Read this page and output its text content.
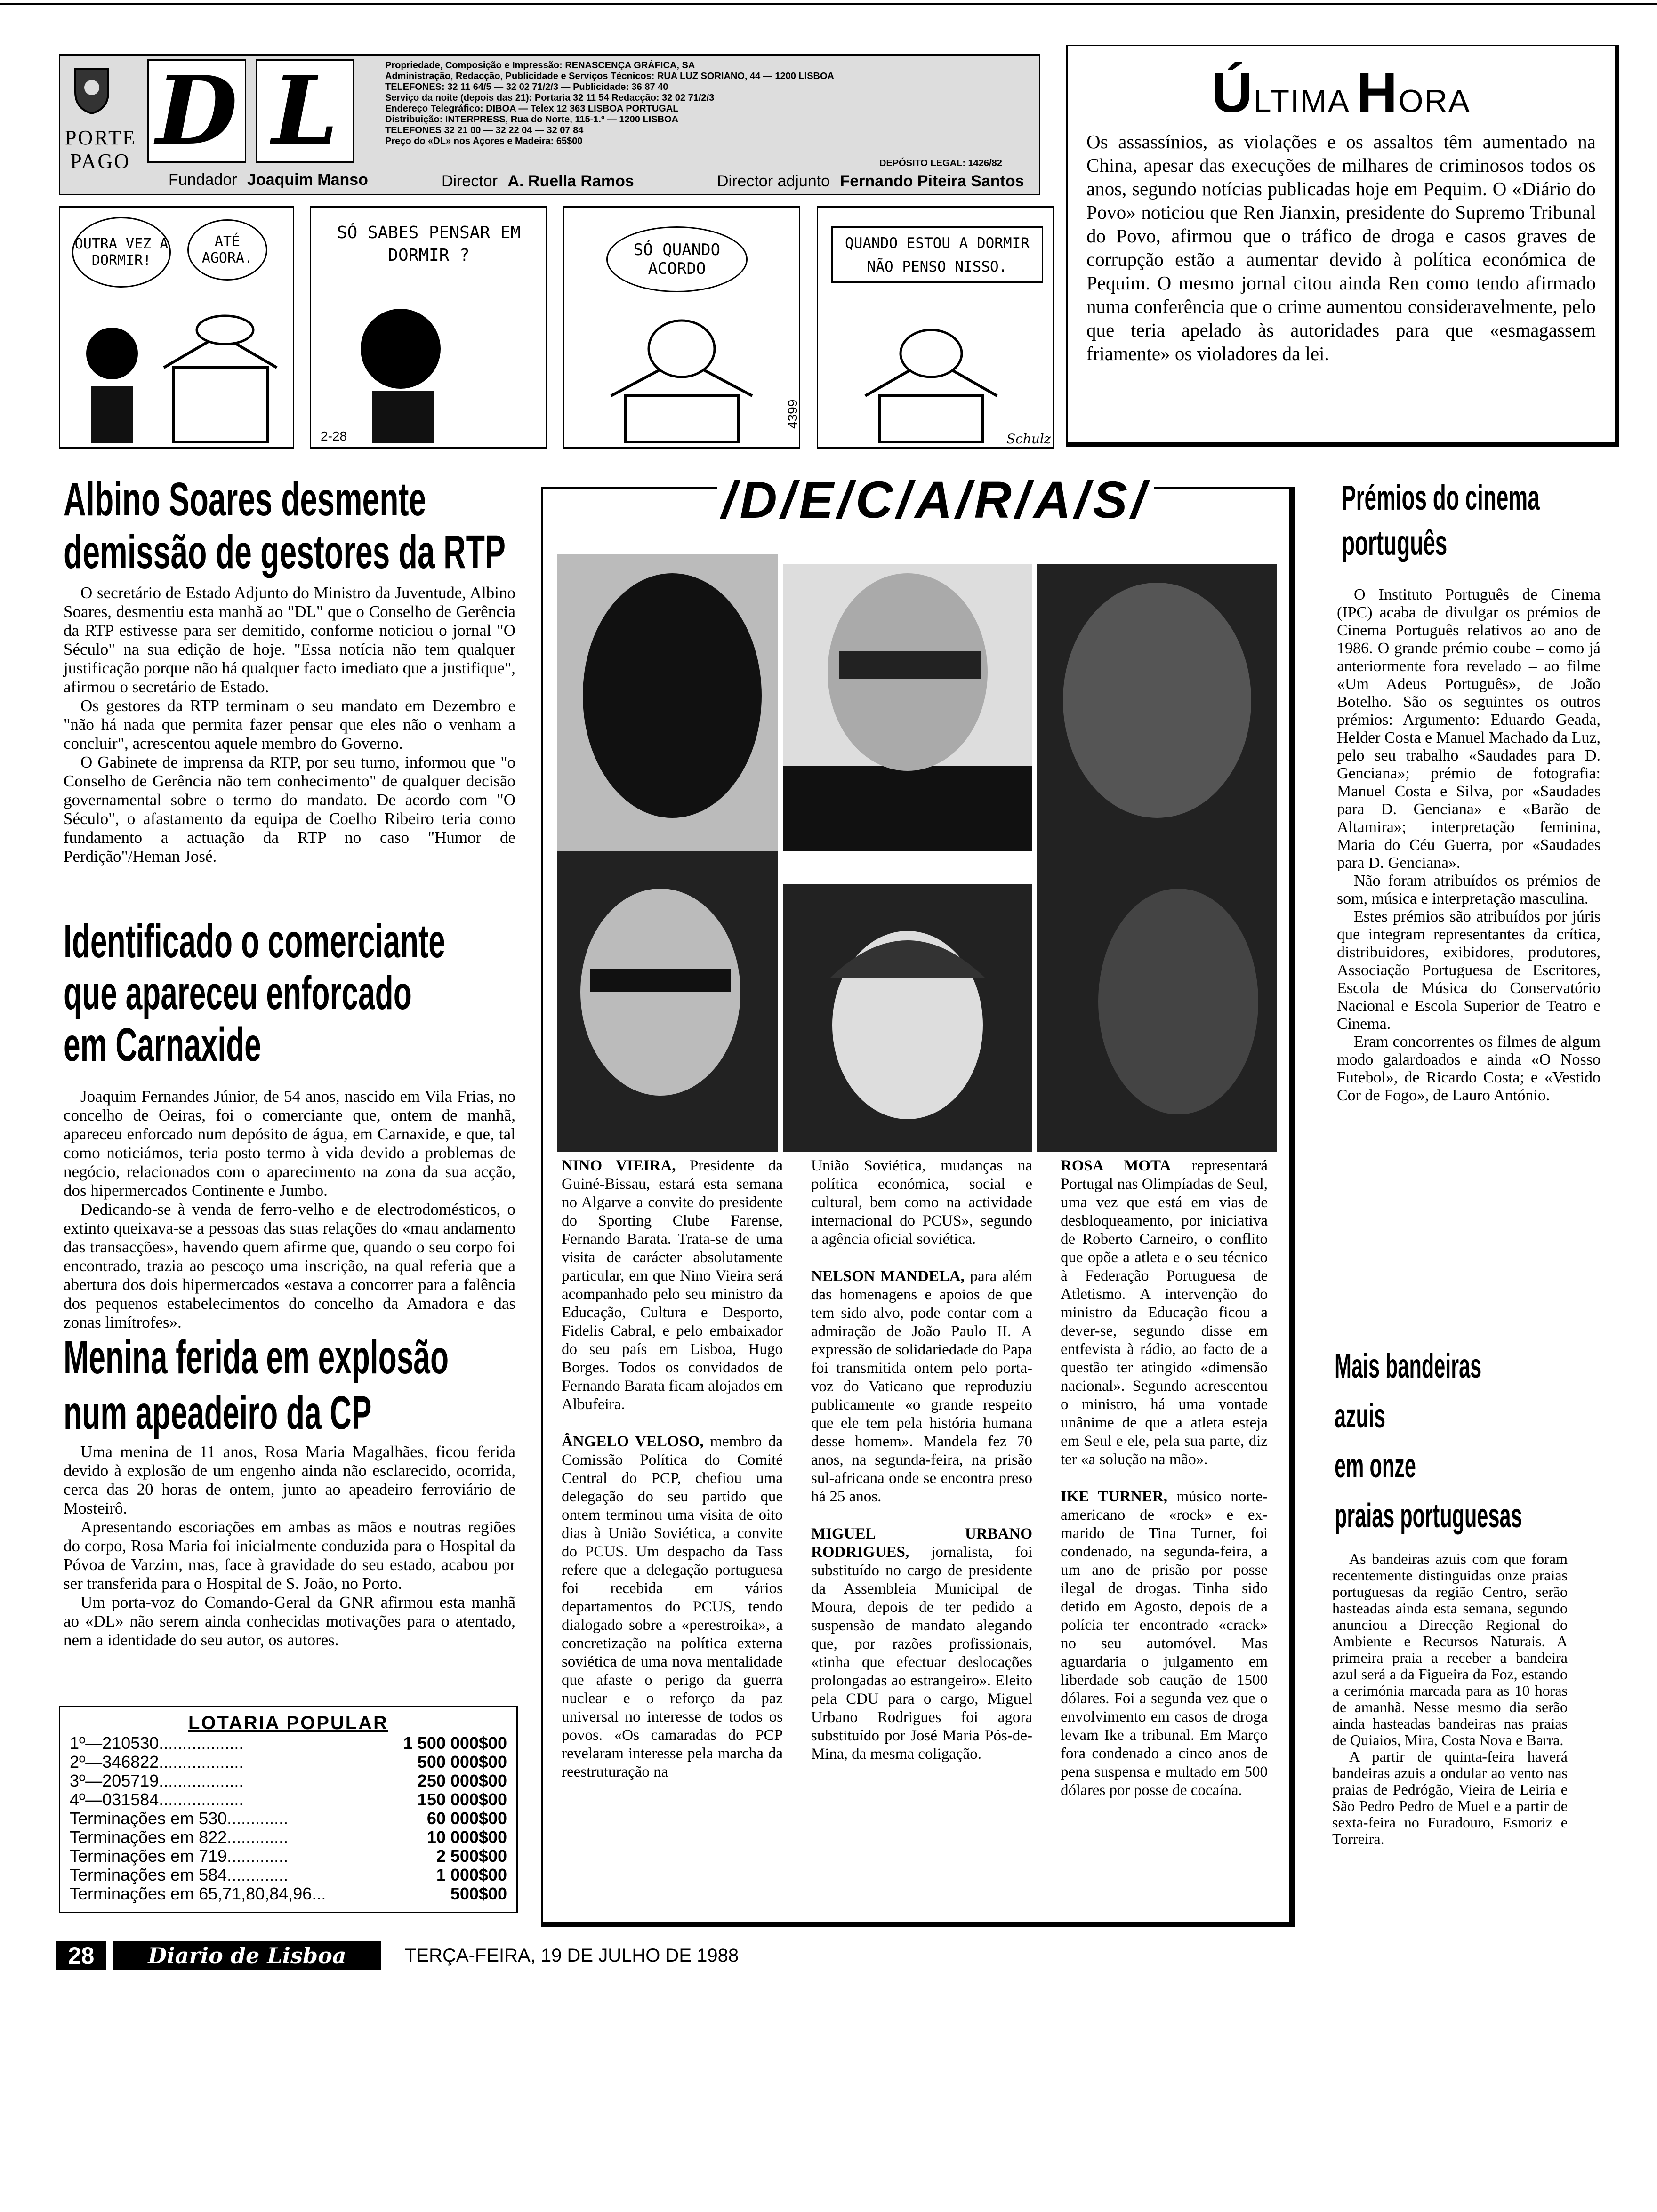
PORTE PAGO D L	Propriedade, Composição e Impressão: RENASCENÇA GRÁFICA, SA
Administração, Redacção, Publicidade e Serviços Técnicos: RUA LUZ SORIANO, 44 — 1200 LISBOA
TELEFONES: 32 11 64/5 — 32 02 71/2/3 — Publicidade: 36 87 40
Serviço da noite (depois das 21): Portaria 32 11 54 Redacção: 32 02 71/2/3
Endereço Telegráfico: DIBOA — Telex 12 363 LISBOA PORTUGAL
Distribuição: INTERPRESS, Rua do Norte, 115-1.º — 1200 LISBOA
TELEFONES 32 21 00 — 32 22 04 — 32 07 84
Preço do «DL» nos Açores e Madeira: 65$00
DEPÓSITO LEGAL: 1426/82
Fundador Joaquim Manso	Director A. Ruella Ramos	Director adjunto Fernando Piteira Santos
ÚLTIMA HORA
Os assassínios, as violações e os assaltos têm aumentado na China, apesar das execuções de milhares de criminosos todos os anos, segundo notícias publicadas hoje em Pequim. O «Diário do Povo» noticiou que Ren Jianxin, presidente do Supremo Tribunal do Povo, afirmou que o tráfico de droga e casos graves de corrupção estão a aumentar devido à política económica de Pequim. O mesmo jornal citou ainda Ren como tendo afirmado numa conferência que o crime aumentou consideravelmente, pelo que teria apelado às autoridades para que «esmagassem friamente» os violadores da lei.
OUTRA VEZ A DORMIR!
ATÉ AGORA.
SÓ SABES PENSAR EM DORMIR ?
2-28
SÓ QUANDO ACORDO
4399
QUANDO ESTOU A DORMIR NÃO PENSO NISSO.
Schulz
Albino Soares desmente
demissão de gestores da RTP

O secretário de Estado Adjunto do Ministro da Juventude, Albino Soares, desmentiu esta manhã ao "DL" que o Conselho de Gerência da RTP estivesse para ser demitido, conforme noticiou o jornal "O Século" na sua edição de hoje. "Essa notícia não tem qualquer justificação porque não há qualquer facto imediato que a justifique", afirmou o secretário de Estado.

Os gestores da RTP terminam o seu mandato em Dezembro e "não há nada que permita fazer pensar que eles não o venham a concluir", acrescentou aquele membro do Governo.

O Gabinete de imprensa da RTP, por seu turno, informou que "o Conselho de Gerência não tem conhecimento" de qualquer decisão governamental sobre o termo do mandato. De acordo com "O Século", o afastamento da equipa de Coelho Ribeiro teria como fundamento a actuação da RTP no caso "Humor de Perdição"/Heman José.

Identificado o comerciante
que apareceu enforcado
em Carnaxide

Joaquim Fernandes Júnior, de 54 anos, nascido em Vila Frias, no concelho de Oeiras, foi o comerciante que, ontem de manhã, apareceu enforcado num depósito de água, em Carnaxide, e que, tal como noticiámos, teria posto termo à vida devido a problemas de negócio, relacionados com o aparecimento na zona da sua acção, dos hipermercados Continente e Jumbo.

Dedicando-se à venda de ferro-velho e de electrodomésticos, o extinto queixava-se a pessoas das suas relações do «mau andamento das transacções», havendo quem afirme que, quando o seu corpo foi encontrado, trazia ao pescoço uma inscrição, na qual referia que a abertura dos dois hipermercados «estava a concorrer para a falência dos pequenos estabelecimentos do concelho da Amadora e das zonas limítrofes».

Menina ferida em explosão
num apeadeiro da CP

Uma menina de 11 anos, Rosa Maria Magalhães, ficou ferida devido à explosão de um engenho ainda não esclarecido, ocorrida, cerca das 20 horas de ontem, junto ao apeadeiro ferroviário de Mosteirô.

Apresentando escoriações em ambas as mãos e noutras regiões do corpo, Rosa Maria foi inicialmente conduzida para o Hospital da Póvoa de Varzim, mas, face à gravidade do seu estado, acabou por ser transferida para o Hospital de S. João, no Porto.

Um porta-voz do Comando-Geral da GNR afirmou esta manhã ao «DL» não serem ainda conhecidas motivações para o atentado, nem a identidade do seu autor, os autores.

LOTARIA POPULAR
1º—210530..................	1 500 000$00
2º—346822..................	500 000$00
3º—205719..................	250 000$00
4º—031584..................	150 000$00
Terminações em 530.............	60 000$00
Terminações em 822.............	10 000$00
Terminações em 719.............	2 500$00
Terminações em 584.............	1 000$00
Terminações em 65,71,80,84,96...	500$00
/D/E/C/A/R/A/S/

NINO VIEIRA, Presidente da Guiné-Bissau, estará esta semana no Algarve a convite do presidente do Sporting Clube Farense, Fernando Barata. Trata-se de uma visita de carácter absolutamente particular, em que Nino Vieira será acompanhado pelo seu ministro da Educação, Cultura e Desporto, Fidelis Cabral, e pelo embaixador do seu país em Lisboa, Hugo Borges. Todos os convidados de Fernando Barata ficam alojados em Albufeira.

ÂNGELO VELOSO, membro da Comissão Política do Comité Central do PCP, chefiou uma delegação do seu partido que ontem terminou uma visita de oito dias à União Soviética, a convite do PCUS. Um despacho da Tass refere que a delegação portuguesa foi recebida em vários departamentos do PCUS, tendo dialogado sobre a «perestroika», a concretização na política externa soviética de uma nova mentalidade que afaste o perigo da guerra nuclear e o reforço da paz universal no interesse de todos os povos. «Os camaradas do PCP revelaram interesse pela marcha da reestruturação na

União Soviética, mudanças na política económica, social e cultural, bem como na actividade internacional do PCUS», segundo a agência oficial soviética.

NELSON MANDELA, para além das homenagens e apoios de que tem sido alvo, pode contar com a admiração de João Paulo II. A expressão de solidariedade do Papa foi transmitida ontem pelo porta-voz do Vaticano que reproduziu publicamente «o grande respeito que ele tem pela história humana desse homem». Mandela fez 70 anos, na segunda-feira, na prisão sul-africana onde se encontra preso há 25 anos.

MIGUEL URBANO RODRIGUES, jornalista, foi substituído no cargo de presidente da Assembleia Municipal de Moura, depois de ter pedido a suspensão de mandato alegando que, por razões profissionais, «tinha que efectuar deslocações prolongadas ao estrangeiro». Eleito pela CDU para o cargo, Miguel Urbano Rodrigues foi agora substituído por José Maria Pós-de-Mina, da mesma coligação.

ROSA MOTA representará Portugal nas Olimpíadas de Seul, uma vez que está em vias de desbloqueamento, por iniciativa de Roberto Carneiro, o conflito que opõe a atleta e o seu técnico à Federação Portuguesa de Atletismo. A intervenção do ministro da Educação ficou a dever-se, segundo disse em entfevista à rádio, ao facto de a questão ter atingido «dimensão nacional». Segundo acrescentou o ministro, há uma vontade unânime de que a atleta esteja em Seul e ele, pela sua parte, diz ter «a solução na mão».

IKE TURNER, músico norte-americano de «rock» e ex-marido de Tina Turner, foi condenado, na segunda-feira, a um ano de prisão por posse ilegal de drogas. Tinha sido detido em Agosto, depois de a polícia ter encontrado «crack» no seu automóvel. Mas aguardaria o julgamento em liberdade sob caução de 1500 dólares. Foi a segunda vez que o envolvimento em casos de droga levam Ike a tribunal. Em Março fora condenado a cinco anos de pena suspensa e multado em 500 dólares por posse de cocaína.

Prémios do cinema
português

O Instituto Português de Cinema (IPC) acaba de divulgar os prémios de Cinema Português relativos ao ano de 1986. O grande prémio coube – como já anteriormente fora revelado – ao filme «Um Adeus Português», de João Botelho. São os seguintes os outros prémios: Argumento: Eduardo Geada, Helder Costa e Manuel Machado da Luz, pelo seu trabalho «Saudades para D. Genciana»; prémio de fotografia: Manuel Costa e Silva, por «Saudades para D. Genciana» e «Barão de Altamira»; interpretação feminina, Maria do Céu Guerra, por «Saudades para D. Genciana».

Não foram atribuídos os prémios de som, música e interpretação masculina.

Estes prémios são atribuídos por júris que integram representantes da crítica, distribuidores, exibidores, produtores, Associação Portuguesa de Escritores, Escola de Música do Conservatório Nacional e Escola Superior de Teatro e Cinema.

Eram concorrentes os filmes de algum modo galardoados e ainda «O Nosso Futebol», de Ricardo Costa; e «Vestido Cor de Fogo», de Lauro António.

Mais bandeiras
azuis
em onze
praias portuguesas

As bandeiras azuis com que foram recentemente distinguidas onze praias portuguesas da região Centro, serão hasteadas ainda esta semana, segundo anunciou a Direcção Regional do Ambiente e Recursos Naturais. A primeira praia a receber a bandeira azul será a da Figueira da Foz, estando a cerimónia marcada para as 10 horas de amanhã. Nesse mesmo dia serão ainda hasteadas bandeiras nas praias de Quiaios, Mira, Costa Nova e Barra.

A partir de quinta-feira haverá bandeiras azuis a ondular ao vento nas praias de Pedrógão, Vieira de Leiria e São Pedro Pedro de Muel e a partir de sexta-feira no Furadouro, Esmoriz e Torreira.

28	Diario de Lisboa	TERÇA-FEIRA, 19 DE JULHO DE 1988
